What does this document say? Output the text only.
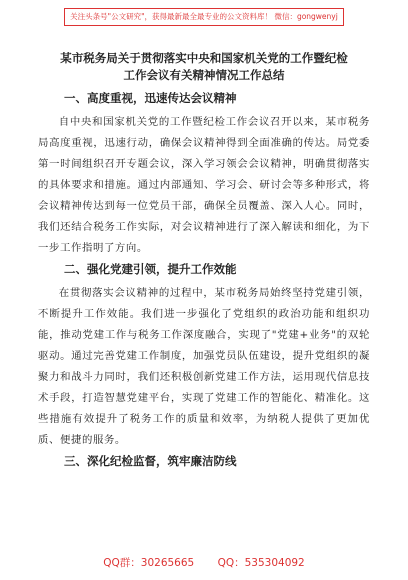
关注头条号"公文研究"，获得最新最全最专业的公文资料库！ 微信：gongwenyj
某市税务局关于贯彻落实中央和国家机关党的工作暨纪检
工作会议有关精神情况工作总结
一、高度重视，迅速传达会议精神

自中央和国家机关党的工作暨纪检工作会议召开以来，某市税务局高度重视，迅速行动，确保会议精神得到全面准确的传达。局党委第一时间组织召开专题会议，深入学习领会会议精神，明确贯彻落实的具体要求和措施。通过内部通知、学习会、研讨会等多种形式，将会议精神传达到每一位党员干部，确保全员覆盖、深入人心。同时，我们还结合税务工作实际，对会议精神进行了深入解读和细化，为下一步工作指明了方向。

二、强化党建引领，提升工作效能

在贯彻落实会议精神的过程中，某市税务局始终坚持党建引领，不断提升工作效能。我们进一步强化了党组织的政治功能和组织功能，推动党建工作与税务工作深度融合，实现了"党建+业务"的双轮驱动。通过完善党建工作制度，加强党员队伍建设，提升党组织的凝聚力和战斗力同时，我们还积极创新党建工作方法，运用现代信息技术手段，打造智慧党建平台，实现了党建工作的智能化、精准化。这些措施有效提升了税务工作的质量和效率，为纳税人提供了更加优质、便捷的服务。

三、深化纪检监督，筑牢廉洁防线
QQ群：30265665 QQ：535304092
